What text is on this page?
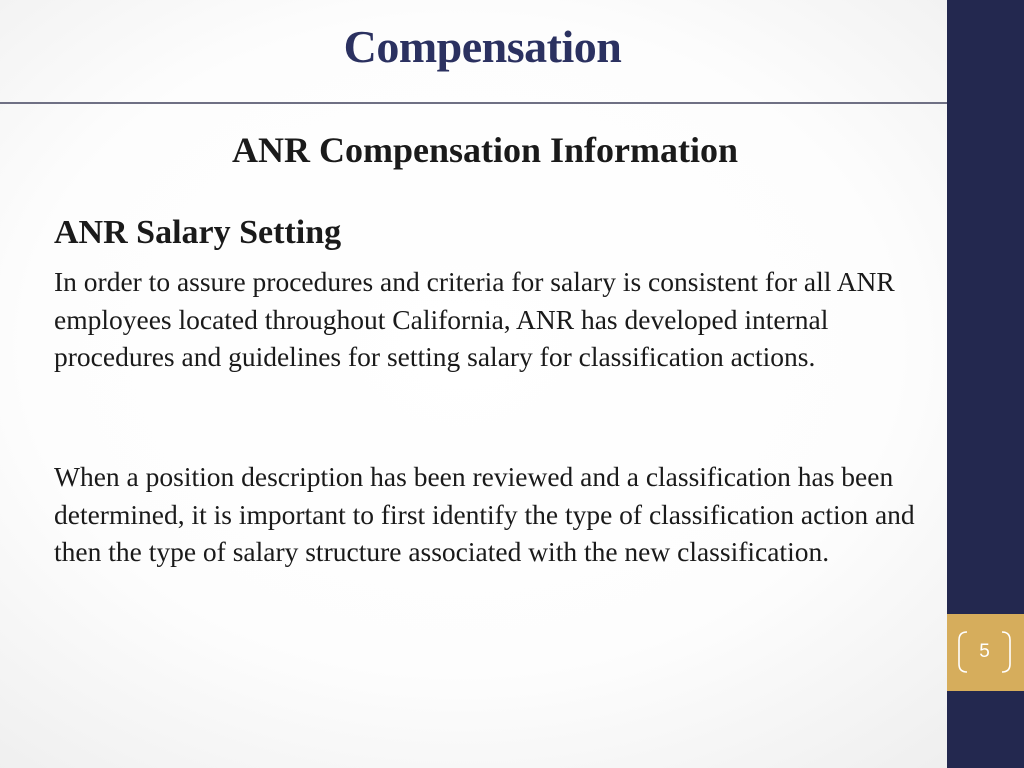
5
Compensation
ANR Compensation Information
ANR Salary Setting

In order to assure procedures and criteria for salary is consistent for all ANR employees located throughout California, ANR has developed internal procedures and guidelines for setting salary for classification actions.

When a position description has been reviewed and a classification has been determined, it is important to first identify the type of classification action and then the type of salary structure associated with the new classification.
